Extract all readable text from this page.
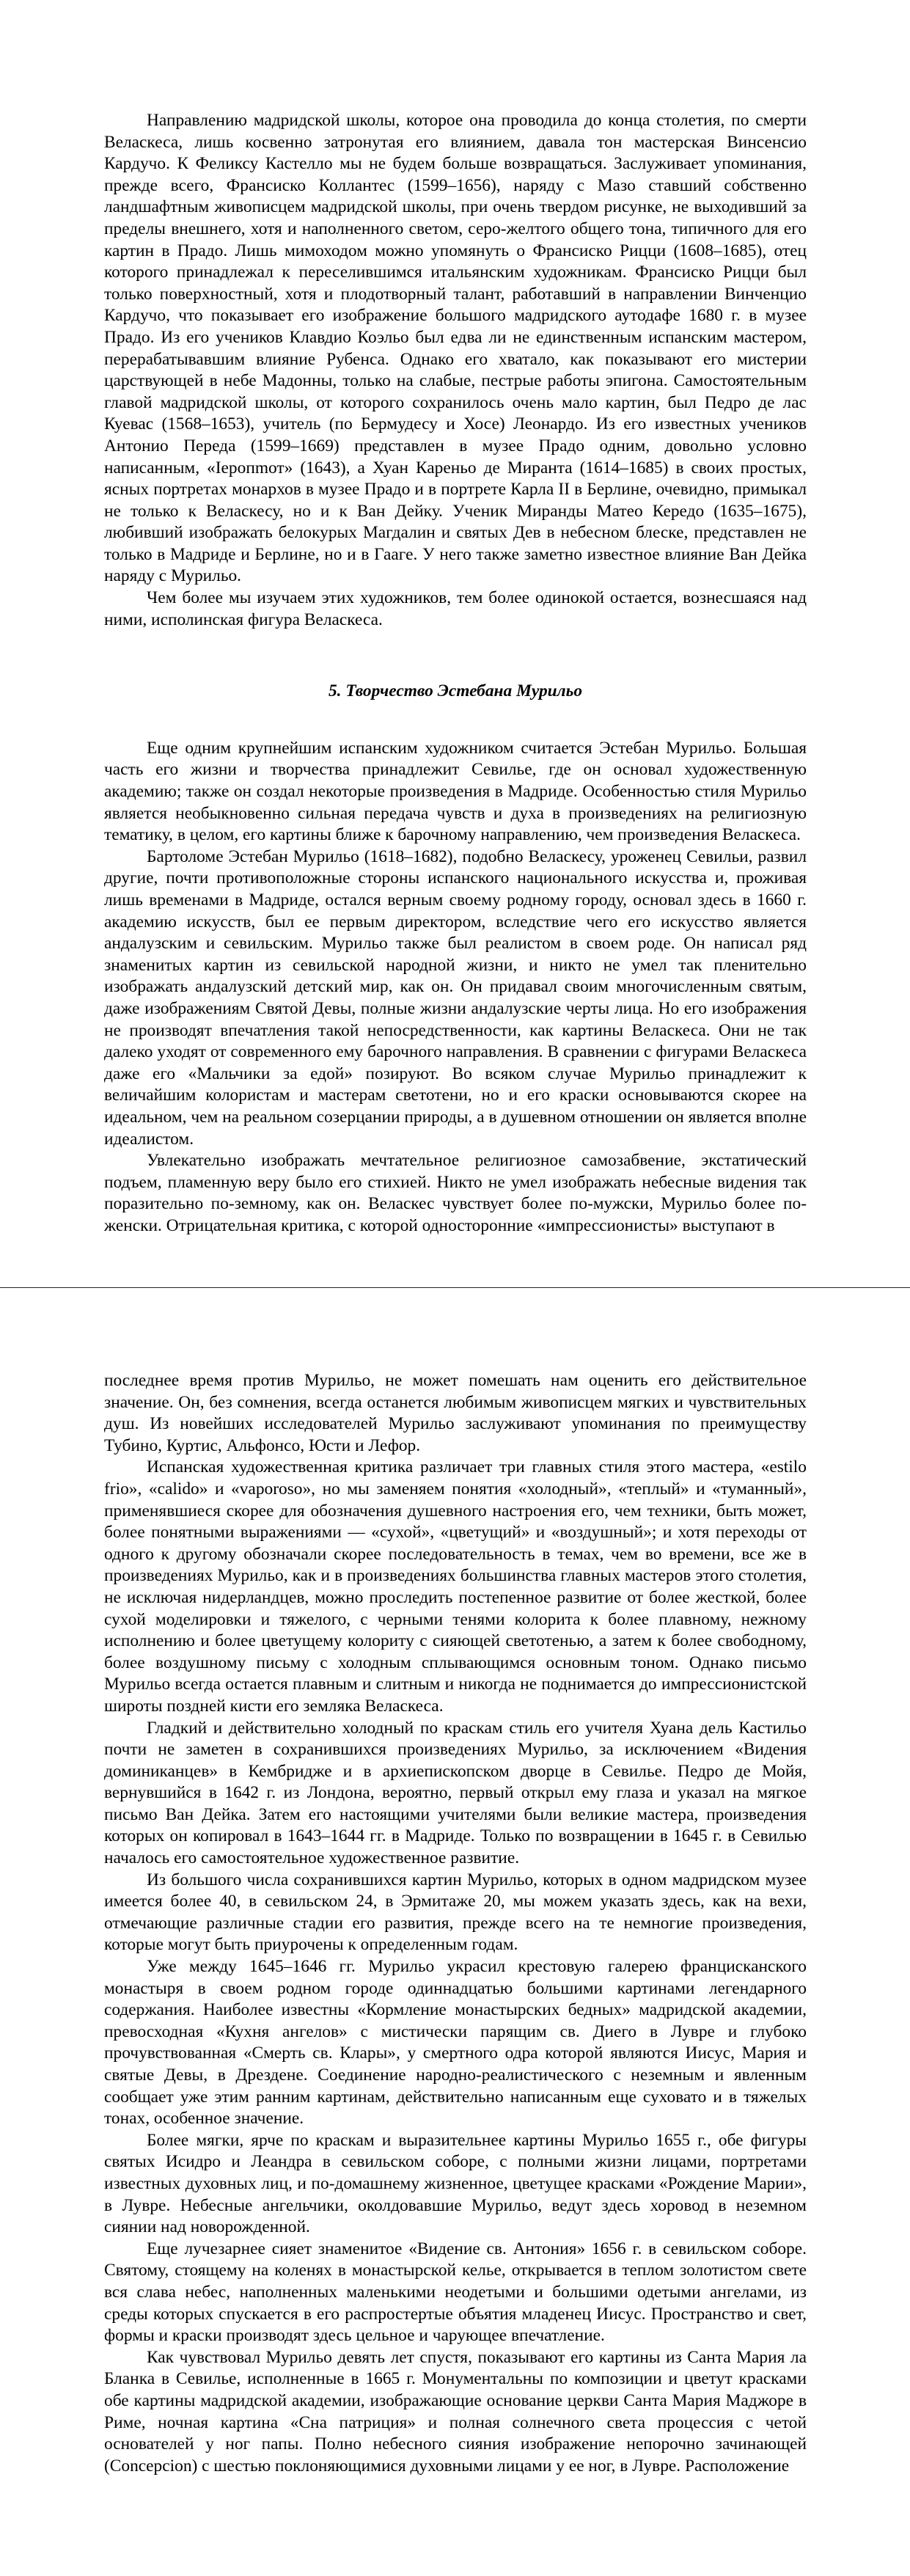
Направлению мадридской школы, которое она проводила до конца столетия, по смерти Веласкеса, лишь косвенно затронутая его влиянием, давала тон мастерская Винсенсио Кардучо. К Феликсу Кастелло мы не будем больше возвращаться. Заслуживает упоминания, прежде всего, Франсиско Коллантес (1599–1656), наряду с Мазо ставший собственно ландшафтным живописцем мадридской школы, при очень твердом рисунке, не выходивший за пределы внешнего, хотя и наполненного светом, серо-желтого общего тона, типичного для его картин в Прадо. Лишь мимоходом можно упомянуть о Франсиско Рицци (1608–1685), отец которого принадлежал к переселившимся итальянским художникам. Франсиско Рицци был только поверхностный, хотя и плодотворный талант, работавший в направлении Винченцио Кардучо, что показывает его изображение большого мадридского аутодафе 1680 г. в музее Прадо. Из его учеников Клавдио Коэльо был едва ли не единственным испанским мастером, перерабатывавшим влияние Рубенса. Однако его хватало, как показывают его мистерии царствующей в небе Мадонны, только на слабые, пестрые работы эпигона. Самостоятельным главой мадридской школы, от которого сохранилось очень мало картин, был Педро де лас Куевас (1568–1653), учитель (по Бермудесу и Хосе) Леонардо. Из его известных учеников Антонио Переда (1599–1669) представлен в музее Прадо одним, довольно условно написанным, «Іеропmот» (1643), а Хуан Кареньо де Миранта (1614–1685) в своих простых, ясных портретах монархов в музее Прадо и в портрете Карла II в Берлине, очевидно, примыкал не только к Веласкесу, но и к Ван Дейку. Ученик Миранды Матео Кередо (1635–1675), любивший изображать белокурых Магдалин и святых Дев в небесном блеске, представлен не только в Мадриде и Берлине, но и в Гааге. У него также заметно известное влияние Ван Дейка наряду с Мурильо.

Чем более мы изучаем этих художников, тем более одинокой остается, вознесшаяся над ними, исполинская фигура Веласкеса.

5. Творчество Эстебана Мурильо

Еще одним крупнейшим испанским художником считается Эстебан Мурильо. Большая часть его жизни и творчества принадлежит Севилье, где он основал художественную академию; также он создал некоторые произведения в Мадриде. Особенностью стиля Мурильо является необыкновенно сильная передача чувств и духа в произведениях на религиозную тематику, в целом, его картины ближе к барочному направлению, чем произведения Веласкеса.

Бартоломе Эстебан Мурильо (1618–1682), подобно Веласкесу, уроженец Севильи, развил другие, почти противоположные стороны испанского национального искусства и, проживая лишь временами в Мадриде, остался верным своему родному городу, основал здесь в 1660 г. академию искусств, был ее первым директором, вследствие чего его искусство является андалузским и севильским. Мурильо также был реалистом в своем роде. Он написал ряд знаменитых картин из севильской народной жизни, и никто не умел так пленительно изображать андалузский детский мир, как он. Он придавал своим многочисленным святым, даже изображениям Святой Девы, полные жизни андалузские черты лица. Но его изображения не производят впечатления такой непосредственности, как картины Веласкеса. Они не так далеко уходят от современного ему барочного направления. В сравнении с фигурами Веласкеса даже его «Мальчики за едой» позируют. Во всяком случае Мурильо принадлежит к величайшим колористам и мастерам светотени, но и его краски основываются скорее на идеальном, чем на реальном созерцании природы, а в душевном отношении он является вполне идеалистом.

Увлекательно изображать мечтательное религиозное самозабвение, экстатический подъем, пламенную веру было его стихией. Никто не умел изображать небесные видения так поразительно по-земному, как он. Веласкес чувствует более по-мужски, Мурильо более по-женски. Отрицательная критика, с которой односторонние «импрессионисты» выступают в

последнее время против Мурильо, не может помешать нам оценить его действительное значение. Он, без сомнения, всегда останется любимым живописцем мягких и чувствительных душ. Из новейших исследователей Мурильо заслуживают упоминания по преимуществу Тубино, Куртис, Альфонсо, Юсти и Лефор.

Испанская художественная критика различает три главных стиля этого мастера, «estilo frio», «calido» и «vaporoso», но мы заменяем понятия «холодный», «теплый» и «туманный», применявшиеся скорее для обозначения душевного настроения его, чем техники, быть может, более понятными выражениями — «сухой», «цветущий» и «воздушный»; и хотя переходы от одного к другому обозначали скорее последовательность в темах, чем во времени, все же в произведениях Мурильо, как и в произведениях большинства главных мастеров этого столетия, не исключая нидерландцев, можно проследить постепенное развитие от более жесткой, более сухой моделировки и тяжелого, с черными тенями колорита к более плавному, нежному исполнению и более цветущему колориту с сияющей светотенью, а затем к более свободному, более воздушному письму с холодным сплывающимся основным тоном. Однако письмо Мурильо всегда остается плавным и слитным и никогда не поднимается до импрессионистской широты поздней кисти его земляка Веласкеса.

Гладкий и действительно холодный по краскам стиль его учителя Хуана дель Кастильо почти не заметен в сохранившихся произведениях Мурильо, за исключением «Видения доминиканцев» в Кембридже и в архиепископском дворце в Севилье. Педро де Мойя, вернувшийся в 1642 г. из Лондона, вероятно, первый открыл ему глаза и указал на мягкое письмо Ван Дейка. Затем его настоящими учителями были великие мастера, произведения которых он копировал в 1643–1644 гг. в Мадриде. Только по возвращении в 1645 г. в Севилью началось его самостоятельное художественное развитие.

Из большого числа сохранившихся картин Мурильо, которых в одном мадридском музее имеется более 40, в севильском 24, в Эрмитаже 20, мы можем указать здесь, как на вехи, отмечающие различные стадии его развития, прежде всего на те немногие произведения, которые могут быть приурочены к определенным годам.

Уже между 1645–1646 гг. Мурильо украсил крестовую галерею францисканского монастыря в своем родном городе одиннадцатью большими картинами легендарного содержания. Наиболее известны «Кормление монастырских бедных» мадридской академии, превосходная «Кухня ангелов» с мистически парящим св. Диего в Лувре и глубоко прочувствованная «Смерть св. Клары», у смертного одра которой являются Иисус, Мария и святые Девы, в Дрездене. Соединение народно-реалистического с неземным и явленным сообщает уже этим ранним картинам, действительно написанным еще суховато и в тяжелых тонах, особенное значение.

Более мягки, ярче по краскам и выразительнее картины Мурильо 1655 г., обе фигуры святых Исидро и Леандра в севильском соборе, с полными жизни лицами, портретами известных духовных лиц, и по-домашнему жизненное, цветущее красками «Рождение Марии», в Лувре. Небесные ангельчики, околдовавшие Мурильо, ведут здесь хоровод в неземном сиянии над новорожденной.

Еще лучезарнее сияет знаменитое «Видение св. Антония» 1656 г. в севильском соборе. Святому, стоящему на коленях в монастырской келье, открывается в теплом золотистом свете вся слава небес, наполненных маленькими неодетыми и большими одетыми ангелами, из среды которых спускается в его распростертые объятия младенец Иисус. Пространство и свет, формы и краски производят здесь цельное и чарующее впечатление.

Как чувствовал Мурильо девять лет спустя, показывают его картины из Санта Мария ла Бланка в Севилье, исполненные в 1665 г. Монументальны по композиции и цветут красками обе картины мадридской академии, изображающие основание церкви Санта Мария Маджоре в Риме, ночная картина «Сна патриция» и полная солнечного света процессия с четой основателей у ног папы. Полно небесного сияния изображение непорочно зачинающей (Concepcion) с шестью поклоняющимися духовными лицами у ее ног, в Лувре. Расположение
